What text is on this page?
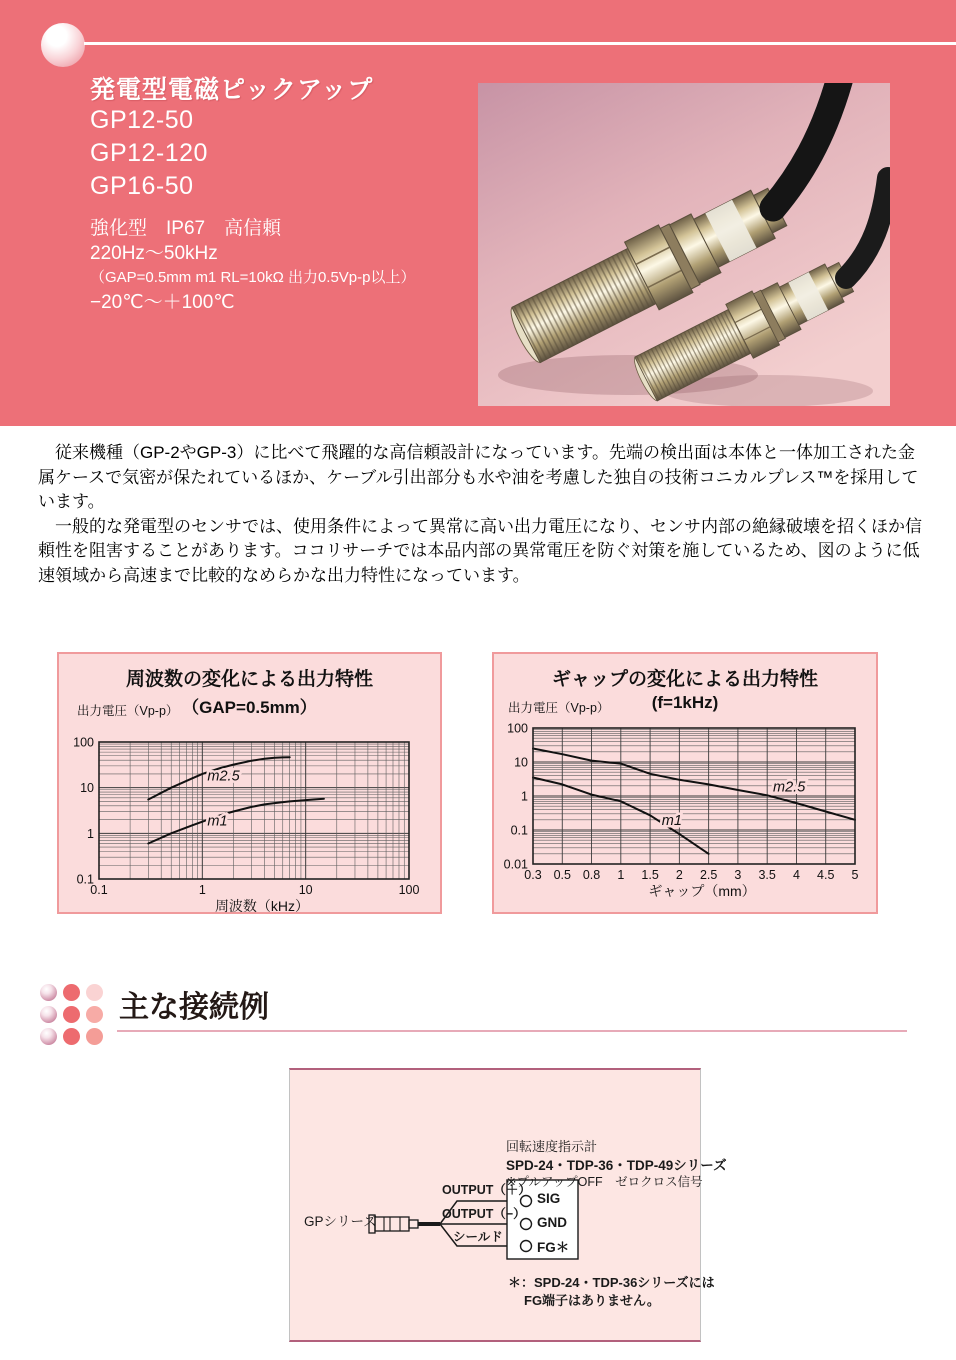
発電型電磁ピックアップ
GP12-50
GP12-120
GP16-50
強化型　IP67　高信頼
220Hz～50kHz
（GAP=0.5mm m1 RL=10kΩ 出力0.5Vp-p以上）
−20℃～＋100℃

従来機種（GP-2やGP-3）に比べて飛躍的な高信頼設計になっています。先端の検出面は本体と一体加工された金属ケースで気密が保たれているほか、ケーブル引出部分も水や油を考慮した独自の技術コニカルプレス™を採用しています。

一般的な発電型のセンサでは、使用条件によって異常に高い出力電圧になり、センサ内部の絶縁破壊を招くほか信頼性を阻害することがあります。ココリサーチでは本品内部の異常電圧を防ぐ対策を施しているため、図のように低速領域から高速まで比較的なめらかな出力特性になっています。

周波数の変化による出力特性
（GAP=0.5mm）
出力電圧（Vp-p）
m2.5
m1
100
10
1
0.1
0.1	1	10	100
周波数（kHz）
ギャップの変化による出力特性
(f=1kHz)
出力電圧（Vp-p）
m2.5
m1
100
10
1
0.1
0.01
0.3 0.5 0.8 1 1.5 2 2.5 3 3.5 4 4.5 5
ギャップ（mm）
主な接続例
GPシリーズ
回転速度指示計
SPD-24・TDP-36・TDP-49シリーズ
※プルアップOFF　ゼロクロス信号
OUTPUT（＋）
OUTPUT（−）
シールド
SIG
GND
FG＊
＊：SPD-24・TDP-36シリーズには
FG端子はありません。
